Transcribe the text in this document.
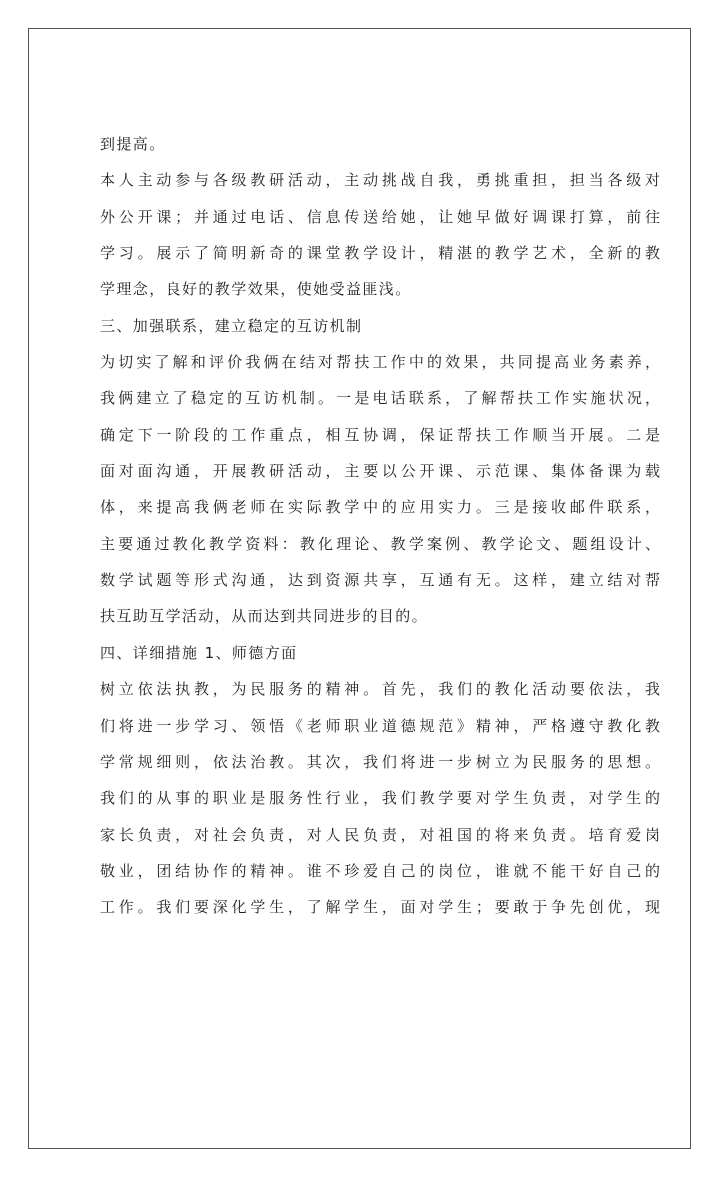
到提高。
本人主动参与各级教研活动，主动挑战自我，勇挑重担，担当各级对
外公开课；并通过电话、信息传送给她，让她早做好调课打算，前往
学习。展示了简明新奇的课堂教学设计，精湛的教学艺术，全新的教
学理念，良好的教学效果，使她受益匪浅。
三、加强联系，建立稳定的互访机制
为切实了解和评价我俩在结对帮扶工作中的效果，共同提高业务素养，
我俩建立了稳定的互访机制。一是电话联系，了解帮扶工作实施状况，
确定下一阶段的工作重点，相互协调，保证帮扶工作顺当开展。二是
面对面沟通，开展教研活动，主要以公开课、示范课、集体备课为载
体，来提高我俩老师在实际教学中的应用实力。三是接收邮件联系，
主要通过教化教学资料：教化理论、教学案例、教学论文、题组设计、
数学试题等形式沟通，达到资源共享，互通有无。这样，建立结对帮
扶互助互学活动，从而达到共同进步的目的。
四、详细措施 1、师德方面
树立依法执教，为民服务的精神。首先，我们的教化活动要依法，我
们将进一步学习、领悟《老师职业道德规范》精神，严格遵守教化教
学常规细则，依法治教。其次，我们将进一步树立为民服务的思想。
我们的从事的职业是服务性行业，我们教学要对学生负责，对学生的
家长负责，对社会负责，对人民负责，对祖国的将来负责。培育爱岗
敬业，团结协作的精神。谁不珍爱自己的岗位，谁就不能干好自己的
工作。我们要深化学生，了解学生，面对学生；要敢于争先创优，现
